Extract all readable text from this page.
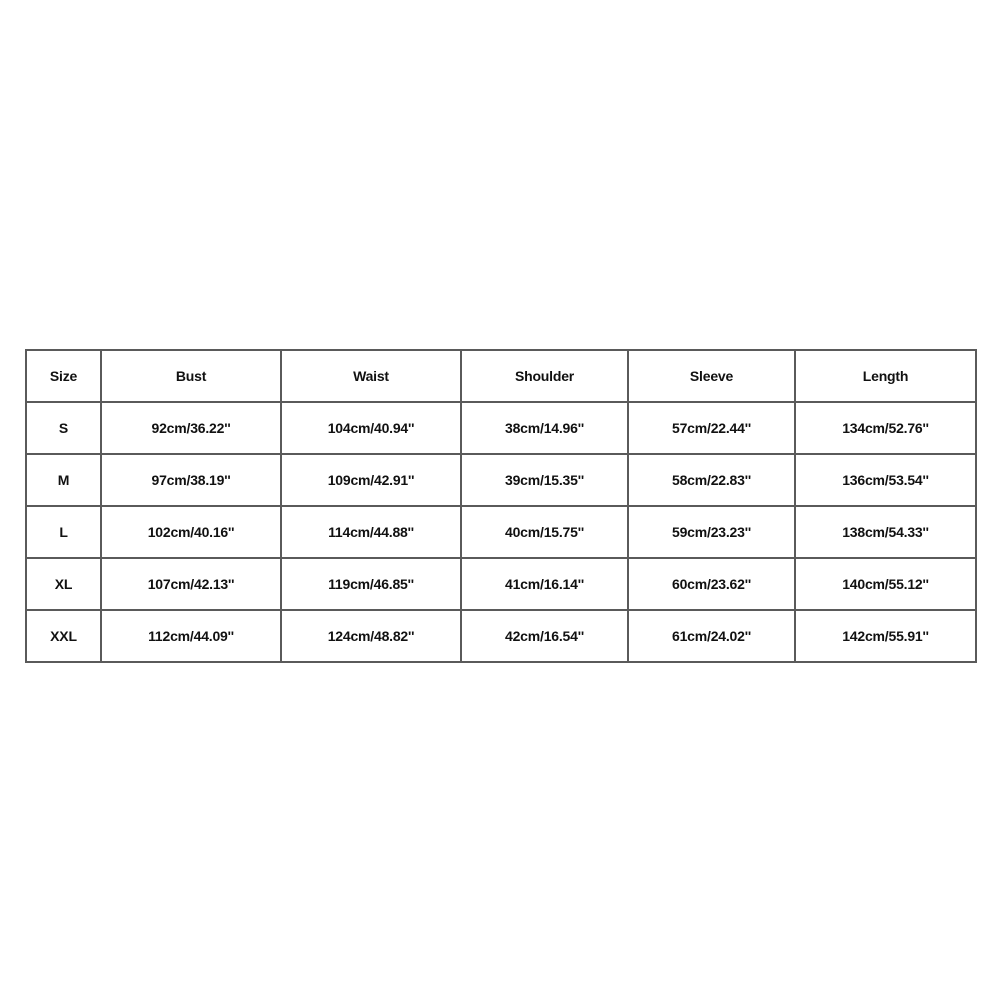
Size	Bust	Waist	Shoulder	Sleeve	Length
S	92cm/36.22''	104cm/40.94''	38cm/14.96''	57cm/22.44''	134cm/52.76''
M	97cm/38.19''	109cm/42.91''	39cm/15.35''	58cm/22.83''	136cm/53.54''
L	102cm/40.16''	114cm/44.88''	40cm/15.75''	59cm/23.23''	138cm/54.33''
XL	107cm/42.13''	119cm/46.85''	41cm/16.14''	60cm/23.62''	140cm/55.12''
XXL	112cm/44.09''	124cm/48.82''	42cm/16.54''	61cm/24.02''	142cm/55.91''
